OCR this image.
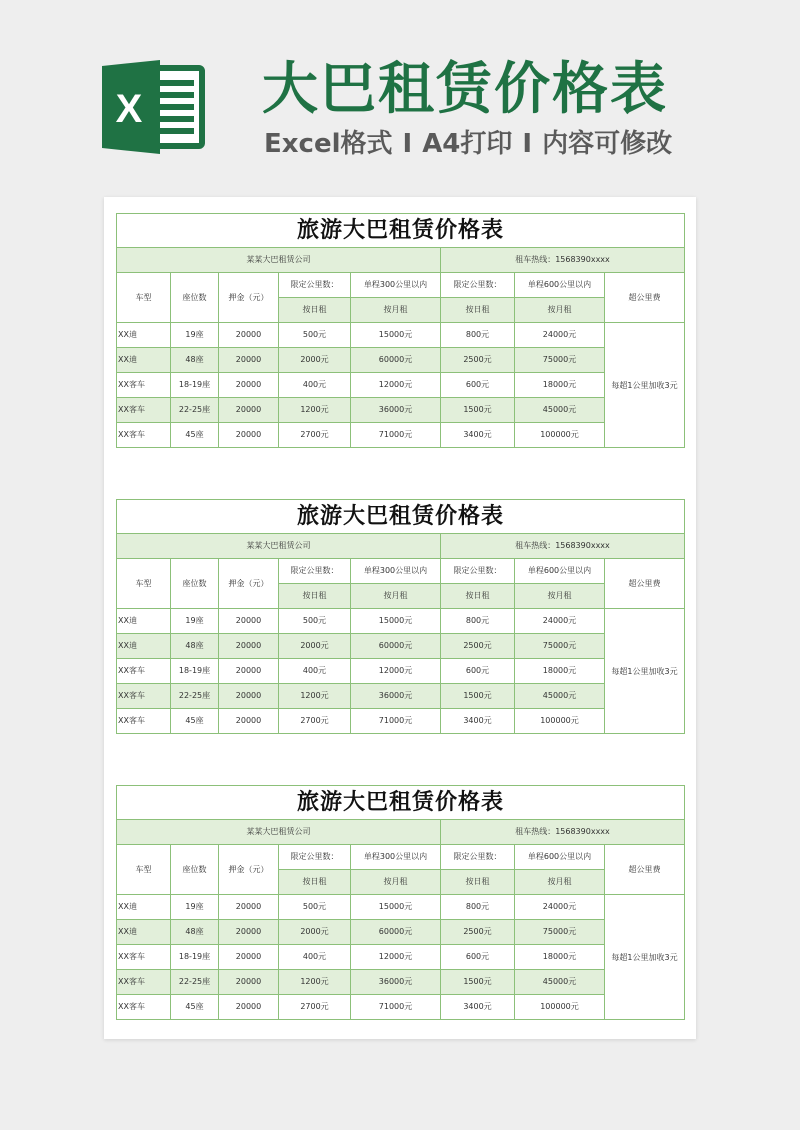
X 大巴租赁价格表
Excel格式 I A4打印 I 内容可修改
旅游大巴租赁价格表							
某某大巴租赁公司					租车热线：1568390xxxx		
车型	座位数	押金（元）	限定公里数：	单程300公里以内	限定公里数：	单程600公里以内	超公里费
			按日租	按月租	按日租	按月租	
XX迪	19座	20000	500元	15000元	800元	24000元	每超1公里加收3元
XX迪	48座	20000	2000元	60000元	2500元	75000元	
XX客车	18-19座	20000	400元	12000元	600元	18000元	
XX客车	22-25座	20000	1200元	36000元	1500元	45000元	
XX客车	45座	20000	2700元	71000元	3400元	100000元	
旅游大巴租赁价格表							
某某大巴租赁公司					租车热线：1568390xxxx		
车型	座位数	押金（元）	限定公里数：	单程300公里以内	限定公里数：	单程600公里以内	超公里费
			按日租	按月租	按日租	按月租	
XX迪	19座	20000	500元	15000元	800元	24000元	每超1公里加收3元
XX迪	48座	20000	2000元	60000元	2500元	75000元	
XX客车	18-19座	20000	400元	12000元	600元	18000元	
XX客车	22-25座	20000	1200元	36000元	1500元	45000元	
XX客车	45座	20000	2700元	71000元	3400元	100000元	
旅游大巴租赁价格表							
某某大巴租赁公司					租车热线：1568390xxxx		
车型	座位数	押金（元）	限定公里数：	单程300公里以内	限定公里数：	单程600公里以内	超公里费
			按日租	按月租	按日租	按月租	
XX迪	19座	20000	500元	15000元	800元	24000元	每超1公里加收3元
XX迪	48座	20000	2000元	60000元	2500元	75000元	
XX客车	18-19座	20000	400元	12000元	600元	18000元	
XX客车	22-25座	20000	1200元	36000元	1500元	45000元	
XX客车	45座	20000	2700元	71000元	3400元	100000元	
